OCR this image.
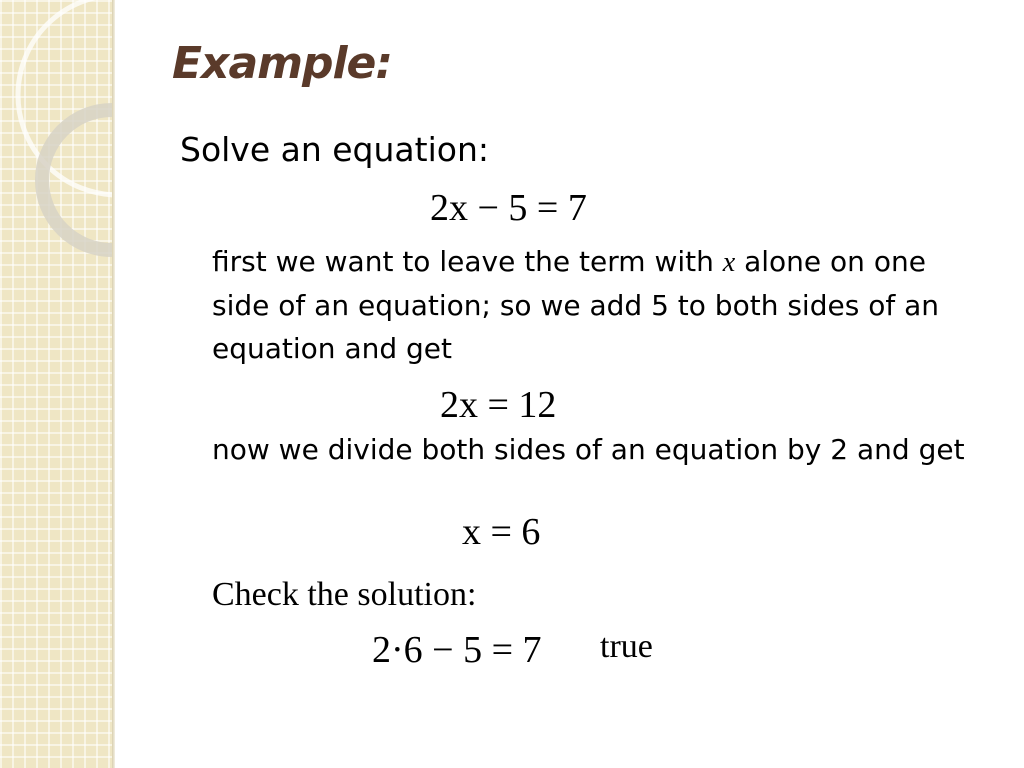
Example:

Solve an equation:

2x − 5 = 7

first we want to leave the term with x alone on one side of an equation; so we add 5 to both sides of an equation and get

2x = 12

now we divide both sides of an equation by 2 and get

x = 6

Check the solution:

2·6 − 5 = 7 true
